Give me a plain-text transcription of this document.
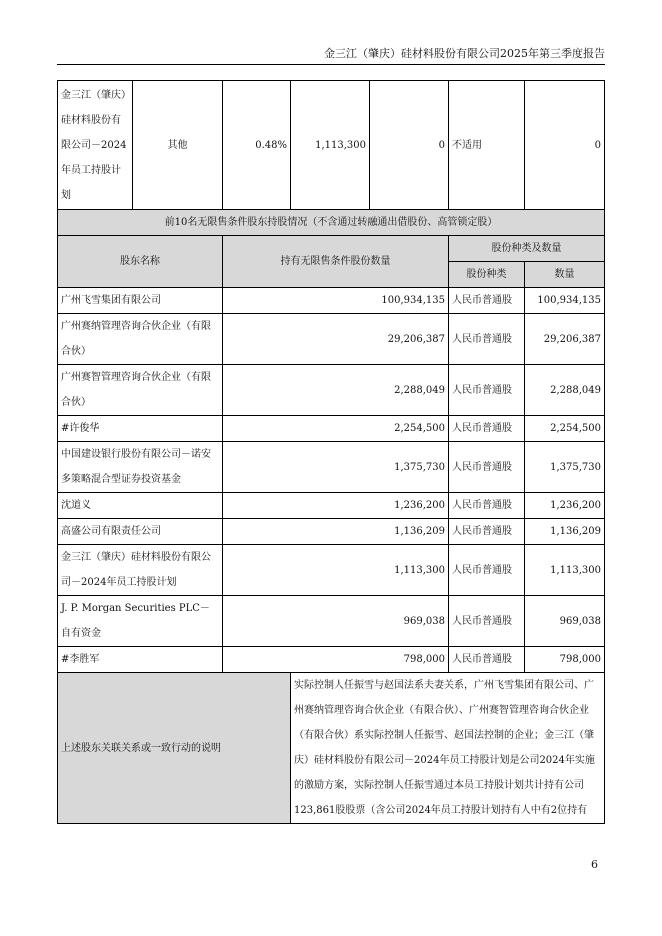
金三江（肇庆）硅材料股份有限公司2025年第三季度报告
金三江（肇庆）硅材料股份有限公司－2024年员工持股计划	其他	0.48%	1,113,300	0	不适用	0
前10名无限售条件股东持股情况（不含通过转融通出借股份、高管锁定股）						
股东名称		持有无限售条件股份数量			股份种类及数量	
					股份种类	数量
广州飞雪集团有限公司		100,934,135			人民币普通股	100,934,135
广州赛纳管理咨询合伙企业（有限合伙）		29,206,387			人民币普通股	29,206,387
广州赛智管理咨询合伙企业（有限合伙）		2,288,049			人民币普通股	2,288,049
#许俊华		2,254,500			人民币普通股	2,254,500
中国建设银行股份有限公司－诺安多策略混合型证券投资基金		1,375,730			人民币普通股	1,375,730
沈道义		1,236,200			人民币普通股	1,236,200
高盛公司有限责任公司		1,136,209			人民币普通股	1,136,209
金三江（肇庆）硅材料股份有限公司－2024年员工持股计划		1,113,300			人民币普通股	1,113,300
J. P. Morgan Securities PLC－自有资金		969,038			人民币普通股	969,038
#李胜军		798,000			人民币普通股	798,000
上述股东关联关系或一致行动的说明			实际控制人任振雪与赵国法系夫妻关系，广州飞雪集团有限公司、广州赛纳管理咨询合伙企业（有限合伙）、广州赛智管理咨询合伙企业（有限合伙）系实际控制人任振雪、赵国法控制的企业；金三江（肇庆）硅材料股份有限公司－2024年员工持股计划是公司2024年实施的激励方案，实际控制人任振雪通过本员工持股计划共计持有公司123,861股股票（含公司2024年员工持股计划持有人中有2位持有			
6
